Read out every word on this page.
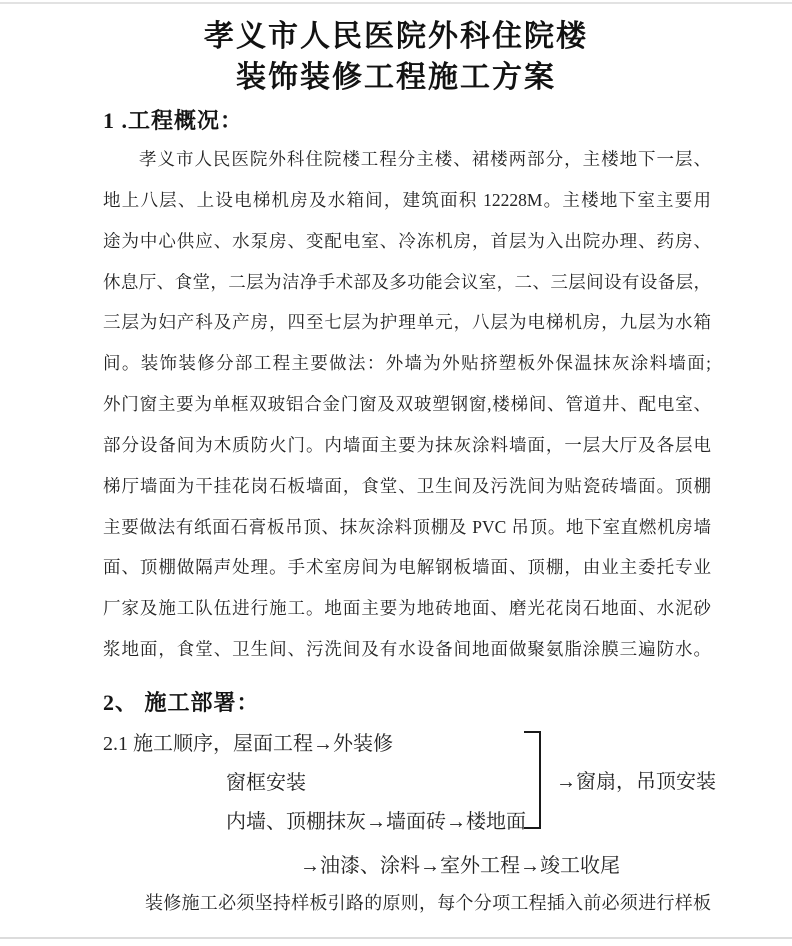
孝义市人民医院外科住院楼
装饰装修工程施工方案
1 .工程概况：
孝义市人民医院外科住院楼工程分主楼、裙楼两部分，主楼地下一层、
地上八层、上设电梯机房及水箱间，建筑面积 12228M。主楼地下室主要用
途为中心供应、水泵房、变配电室、冷冻机房，首层为入出院办理、药房、
休息厅、食堂，二层为洁净手术部及多功能会议室，二、三层间设有设备层，
三层为妇产科及产房，四至七层为护理单元，八层为电梯机房，九层为水箱
间。装饰装修分部工程主要做法：外墙为外贴挤塑板外保温抹灰涂料墙面;
外门窗主要为单框双玻铝合金门窗及双玻塑钢窗,楼梯间、管道井、配电室、
部分设备间为木质防火门。内墙面主要为抹灰涂料墙面，一层大厅及各层电
梯厅墙面为干挂花岗石板墙面，食堂、卫生间及污洗间为贴瓷砖墙面。顶棚
主要做法有纸面石膏板吊顶、抹灰涂料顶棚及 PVC 吊顶。地下室直燃机房墙
面、顶棚做隔声处理。手术室房间为电解钢板墙面、顶棚，由业主委托专业
厂家及施工队伍进行施工。地面主要为地砖地面、磨光花岗石地面、水泥砂
浆地面，食堂、卫生间、污洗间及有水设备间地面做聚氨脂涂膜三遍防水。
2、 施工部署：
2.1 施工顺序，屋面工程→外装修
窗框安装
内墙、顶棚抹灰→墙面砖→楼地面
→窗扇，吊顶安装
→油漆、涂料→室外工程→竣工收尾
装修施工必须坚持样板引路的原则，每个分项工程插入前必须进行样板
